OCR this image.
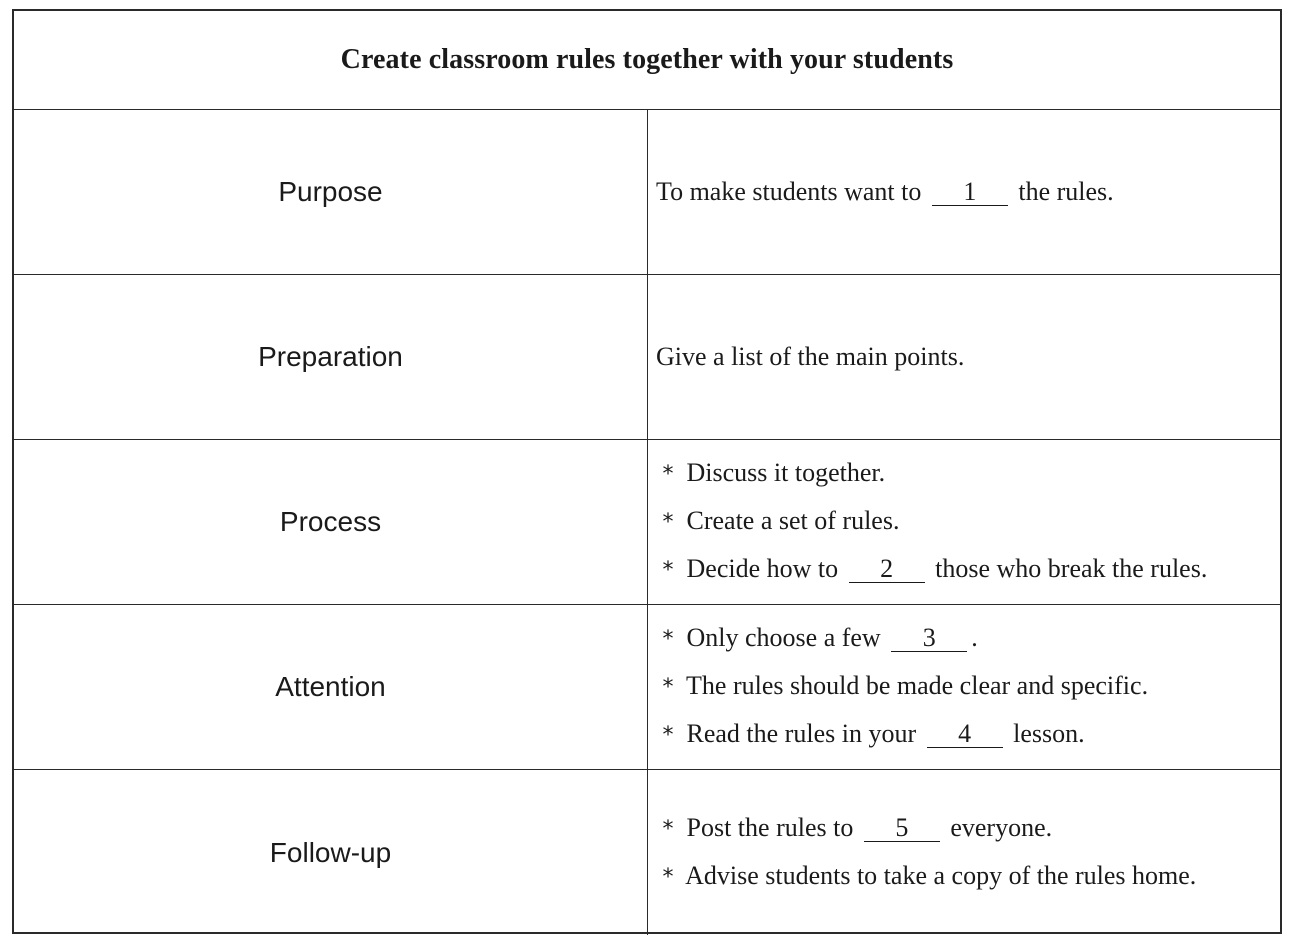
Create classroom rules together with your students
Purpose	To make students want to 1 the rules.
Preparation	Give a list of the main points.
Process
* Discuss it together.
* Create a set of rules.
* Decide how to 2 those who break the rules.
Attention
* Only choose a few 3 .
* The rules should be made clear and specific.
* Read the rules in your 4 lesson.
Follow-up
* Post the rules to 5 everyone.
* Advise students to take a copy of the rules home.
